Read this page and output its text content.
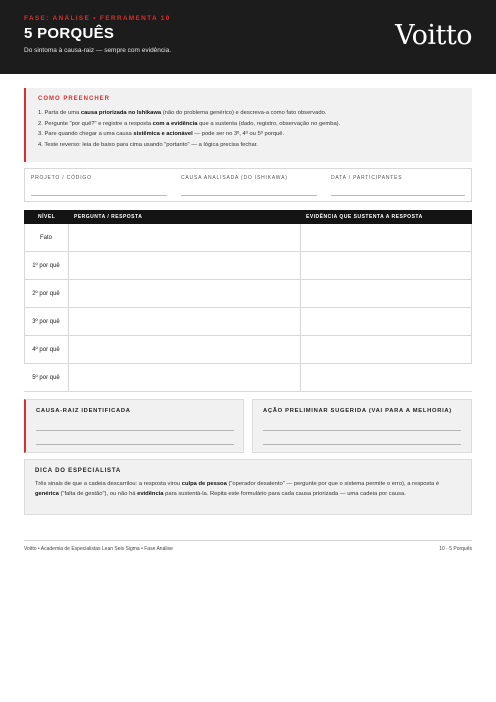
FASE: ANÁLISE • FERRAMENTA 10
5 PORQUÊS
Do sintoma à causa-raiz — sempre com evidência.	Voitto
COMO PREENCHER
1. Parta de uma causa priorizada no Ishikawa (não do problema genérico) e descreva-a como fato observado.
2. Pergunte "por quê?" e registre a resposta com a evidência que a sustenta (dado, registro, observação no gemba).
3. Pare quando chegar a uma causa sistêmica e acionável — pode ser no 3º, 4º ou 5º porquê.
4. Teste reverso: leia de baixo para cima usando "portanto" — a lógica precisa fechar.
PROJETO / CÓDIGO	CAUSA ANALISADA (DO ISHIKAWA)	DATA / PARTICIPANTES
NÍVEL	PERGUNTA / RESPOSTA	EVIDÊNCIA QUE SUSTENTA A RESPOSTA
Fato
1º por quê
2º por quê
3º por quê
4º por quê
5º por quê
CAUSA-RAIZ IDENTIFICADA	AÇÃO PRELIMINAR SUGERIDA (VAI PARA A MELHORIA)
DICA DO ESPECIALISTA
Três sinais de que a cadeia descarrilou: a resposta virou culpa de pessoa ("operador desatento" — pergunte por que o sistema permite o erro), a resposta é genérica ("falta de gestão"), ou não há evidência para sustentá-la. Repita este formulário para cada causa priorizada — uma cadeia por causa.
Voitto • Academia de Especialistas Lean Seis Sigma • Fase Análise	10 · 5 Porquês
